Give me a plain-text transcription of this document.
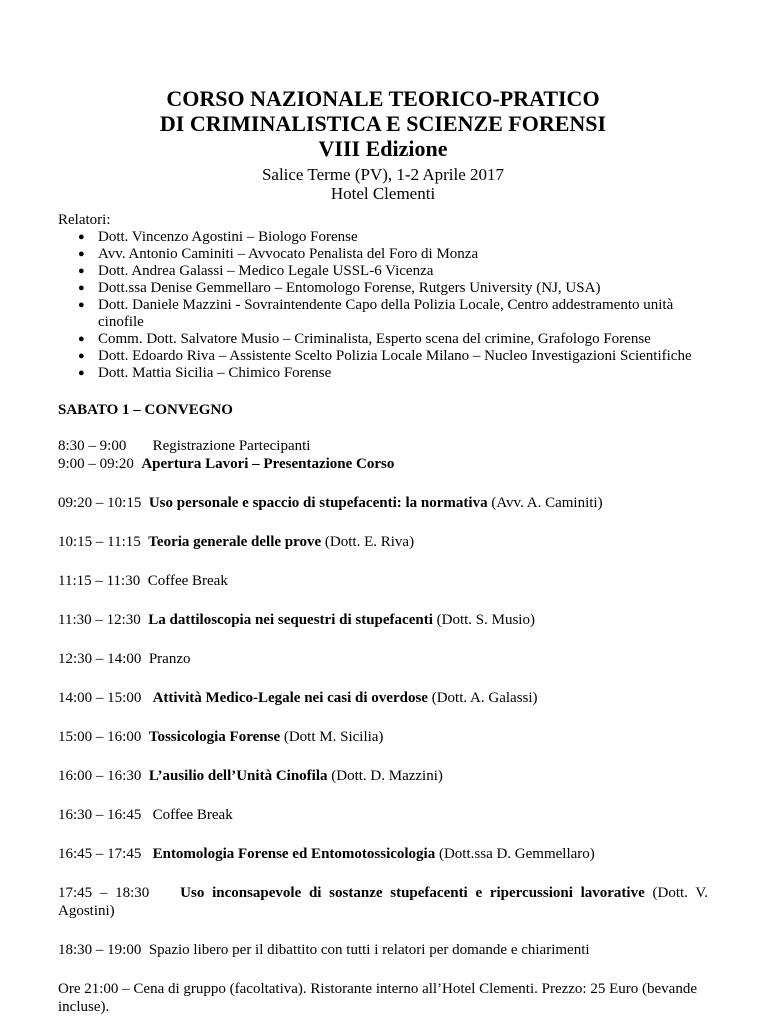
CORSO NAZIONALE TEORICO-PRATICO

DI CRIMINALISTICA E SCIENZE FORENSI

VIII Edizione

Salice Terme (PV), 1-2 Aprile 2017

Hotel Clementi

Relatori:
● Dott. Vincenzo Agostini – Biologo Forense
● Avv. Antonio Caminiti – Avvocato Penalista del Foro di Monza
● Dott. Andrea Galassi – Medico Legale USSL-6 Vicenza
● Dott.ssa Denise Gemmellaro – Entomologo Forense, Rutgers University (NJ, USA)
● Dott. Daniele Mazzini - Sovraintendente Capo della Polizia Locale, Centro addestramento unità cinofile
● Comm. Dott. Salvatore Musio – Criminalista, Esperto scena del crimine, Grafologo Forense
● Dott. Edoardo Riva – Assistente Scelto Polizia Locale Milano – Nucleo Investigazioni Scientifiche
● Dott. Mattia Sicilia – Chimico Forense
SABATO 1 – CONVEGNO
8:30 – 9:00 Registrazione Partecipanti
9:00 – 09:20 Apertura Lavori – Presentazione Corso
09:20 – 10:15 Uso personale e spaccio di stupefacenti: la normativa (Avv. A. Caminiti)
10:15 – 11:15 Teoria generale delle prove (Dott. E. Riva)
11:15 – 11:30 Coffee Break
11:30 – 12:30 La dattiloscopia nei sequestri di stupefacenti (Dott. S. Musio)
12:30 – 14:00 Pranzo
14:00 – 15:00 Attività Medico-Legale nei casi di overdose (Dott. A. Galassi)
15:00 – 16:00 Tossicologia Forense (Dott M. Sicilia)
16:00 – 16:30 L’ausilio dell’Unità Cinofila (Dott. D. Mazzini)
16:30 – 16:45 Coffee Break
16:45 – 17:45 Entomologia Forense ed Entomotossicologia (Dott.ssa D. Gemmellaro)
17:45 – 18:30 Uso inconsapevole di sostanze stupefacenti e ripercussioni lavorative (Dott. V. Agostini)
18:30 – 19:00 Spazio libero per il dibattito con tutti i relatori per domande e chiarimenti
Ore 21:00 – Cena di gruppo (facoltativa). Ristorante interno all’Hotel Clementi. Prezzo: 25 Euro (bevande incluse).
